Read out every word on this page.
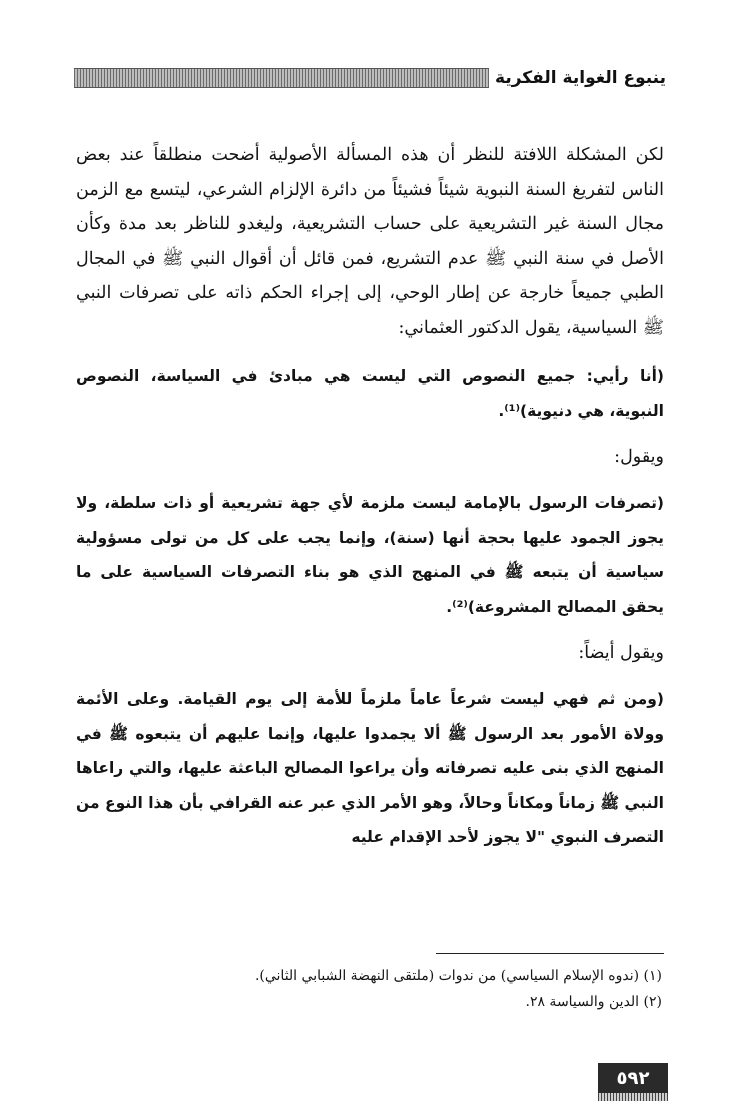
ينبوع الغواية الفكرية

لكن المشكلة اللافتة للنظر أن هذه المسألة الأصولية أضحت منطلقاً عند بعض الناس لتفريغ السنة النبوية شيئاً فشيئاً من دائرة الإلزام الشرعي، ليتسع مع الزمن مجال السنة غير التشريعية على حساب التشريعية، وليغدو للناظر بعد مدة وكأن الأصل في سنة النبي ﷺ عدم التشريع، فمن قائل أن أقوال النبي ﷺ في المجال الطبي جميعاً خارجة عن إطار الوحي، إلى إجراء الحكم ذاته على تصرفات النبي ﷺ السياسية، يقول الدكتور العثماني:

(أنا رأيي: جميع النصوص التي ليست هي مبادئ في السياسة، النصوص النبوية، هي دنيوية)⁽¹⁾.

ويقول:

(تصرفات الرسول بالإمامة ليست ملزمة لأي جهة تشريعية أو ذات سلطة، ولا يجوز الجمود عليها بحجة أنها (سنة)، وإنما يجب على كل من تولى مسؤولية سياسية أن يتبعه ﷺ في المنهج الذي هو بناء التصرفات السياسية على ما يحقق المصالح المشروعة)⁽²⁾.

ويقول أيضاً:

(ومن ثم فهي ليست شرعاً عاماً ملزماً للأمة إلى يوم القيامة. وعلى الأئمة وولاة الأمور بعد الرسول ﷺ ألا يجمدوا عليها، وإنما عليهم أن يتبعوه ﷺ في المنهج الذي بنى عليه تصرفاته وأن يراعوا المصالح الباعثة عليها، والتي راعاها النبي ﷺ زماناً ومكاناً وحالاً، وهو الأمر الذي عبر عنه القرافي بأن هذا النوع من التصرف النبوي "لا يجوز لأحد الإقدام عليه

(١) (ندوه الإسلام السياسي) من ندوات (ملتقى النهضة الشبابي الثاني).

(٢) الدين والسياسة ٢٨.

٥٩٢
